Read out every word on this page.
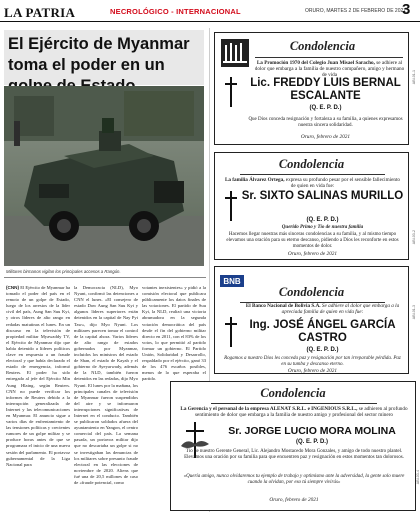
LA PATRIA	NECROLÓGICO - INTERNACIONAL	ORURO, MARTES 2 DE FEBRERO DE 2021
3
El Ejército de Myanmar toma el poder en un
Militares birmanos vigilan los principales accesos a Rangún.
(CNN) El Ejército de Myanmar ha tomado el poder del país en el remoto de un golpe de Estado, luego de los arrestos de la líder civil del país, Aung San Suu Kyi, y otros líderes de alto rango en redadas matutinas el lunes. En un discurso en la televisión de propiedad militar Myawaddy TV, el Ejército de Myanmar dijo que había detenido a líderes políticos clave en respuesta a un fraude electoral y que había declarado el estado de emergencia, informó Reuters. El poder ha sido entregado al jefe del Ejército Min Aung Hlaing, según Reuters. CNN no puede verificar los informes de Reuters debido a la interrupción generalizada de Internet y las telecomunicaciones en Myanmar. El anuncio sigue a varios días de enfrentamiento de las tensiones políticas y crecientes rumores de un golpe militar y se produce horas antes de que se programara el inicio de una nueva sesión del parlamento. El portavoz gubernamental de la Liga Nacional para
la Democracia (NLD), Myo Nyunt, confirmó las detenciones a CNN el lunes. «El consejero de estado Daw Aung San Suu Kyi y algunos líderes superiores están detenidos en la capital de Nay Pyi Taw», dijo Myo Nyunt. Los militares parecen tomar el control de la capital ahora. Varios líderes de alto rango de estados gobernados por Myanmar, incluidos los ministros del estado de Shan, el estado de Kayah y el gobierno de Ayeyarwady, además de la NLD, también fueron detenidos en las redadas, dijo Myo Nyunt. El lunes por la mañana, los principales canales de televisión de Myanmar fueron suspendidos del aire y se informaron interrupciones significativas de Internet en el conducto. También se publicaron soldados afuera del ayuntamiento en Yangon, el centro comercial del país. La semana pasada, un portavoz militar dijo que no descartaba un golpe si no se investigaban las denuncias de los militares sobre presunto fraude electoral en las elecciones de noviembre de 2020. Aliens que fué una de 20,5 millones de caso de «fraude potencial, como
votantes inexistentes» y pidió a la comisión electoral que publicara públicamente los datos finales de las votaciones. El partido de Suu Kyi, la NLD, realizó una victoria abrumadora en la segunda votación democrática del país desde el fin del gobierno militar directo en 2011, con el 83% de los votos, lo que permitió al partido formar un gobierno. El Partido Unión, Solidaridad y Desarrollo, respaldado por el ejército, ganó 33 de los 476 escaños posibles, menos de lo que esperaba el partido.
Condolencia
La Promoción 1970 del Colegio Juan Misael Saracho, se adhiere al dolor que embarga a la familia de nuestro compañero, amigo y hermano de vida
Lic. FREDDY LUIS BERNAL ESCALANTE
(Q. E. P. D.)
Que Dios conceda resignación y fortaleza a su familia, a quienes expresamos nuestra sincera solidaridad.
Oruro, febrero de 2021
Condolencia
La familia Álvarez Ortega, expresa su profundo pesar por el sensible fallecimiento de quien en vida fue:
Sr. SIXTO SALINAS MURILLO
(Q. E. P. D.)
Querido Primo y Tío de nuestra familia
Hacemos llegar nuestras más sinceras condolencias a su familia, y al mismo tiempo elevamos una oración para su eterno descanso, pidiendo a Dios les reconforte en estos momentos de dolor.
Oruro, febrero de 2021
BNB
Condolencia
El Banco Nacional de Bolivia S.A. Se adhiere al dolor que embarga a la apreciada familia de quien en vida fue:
Ing. JOSÉ ÁNGEL GARCÍA CASTRO
(Q. E. P. D.)
Rogamos a nuestro Dios les conceda paz y resignación por tan irreparable pérdida. Paz en su tumba y descanso eterno.
Oruro, febrero de 2021
Condolencia
La Gerencia y el personal de la empresa ALENAT S.R.L. e INGENIOUS S.R.L., se adhieren al profundo sentimiento de dolor que embarga a la familia de nuestro amigo y profesional del sector minero
Sr. JORGE LUCIO MORA MOLINA
(Q. E. P. D.)
Tío de nuestro Gerente General, Lic. Alejandro Mostacedo Mora Gonzales, y amigo de todo nuestro plantel. Elevamos una oración por su familia para que encuentren paz y resignación en estos momentos tan dolorosos.
«Quería amigo, nunca olvidaremos tu ejemplo de trabajo y optimismo ante la adversidad, la gente solo muere cuando la olvidan, por eso tú siempre vivirás»
Oruro, febrero de 2021
ABI-01-1
ABI-03-2
ABI-01-3
ABI-03-4
